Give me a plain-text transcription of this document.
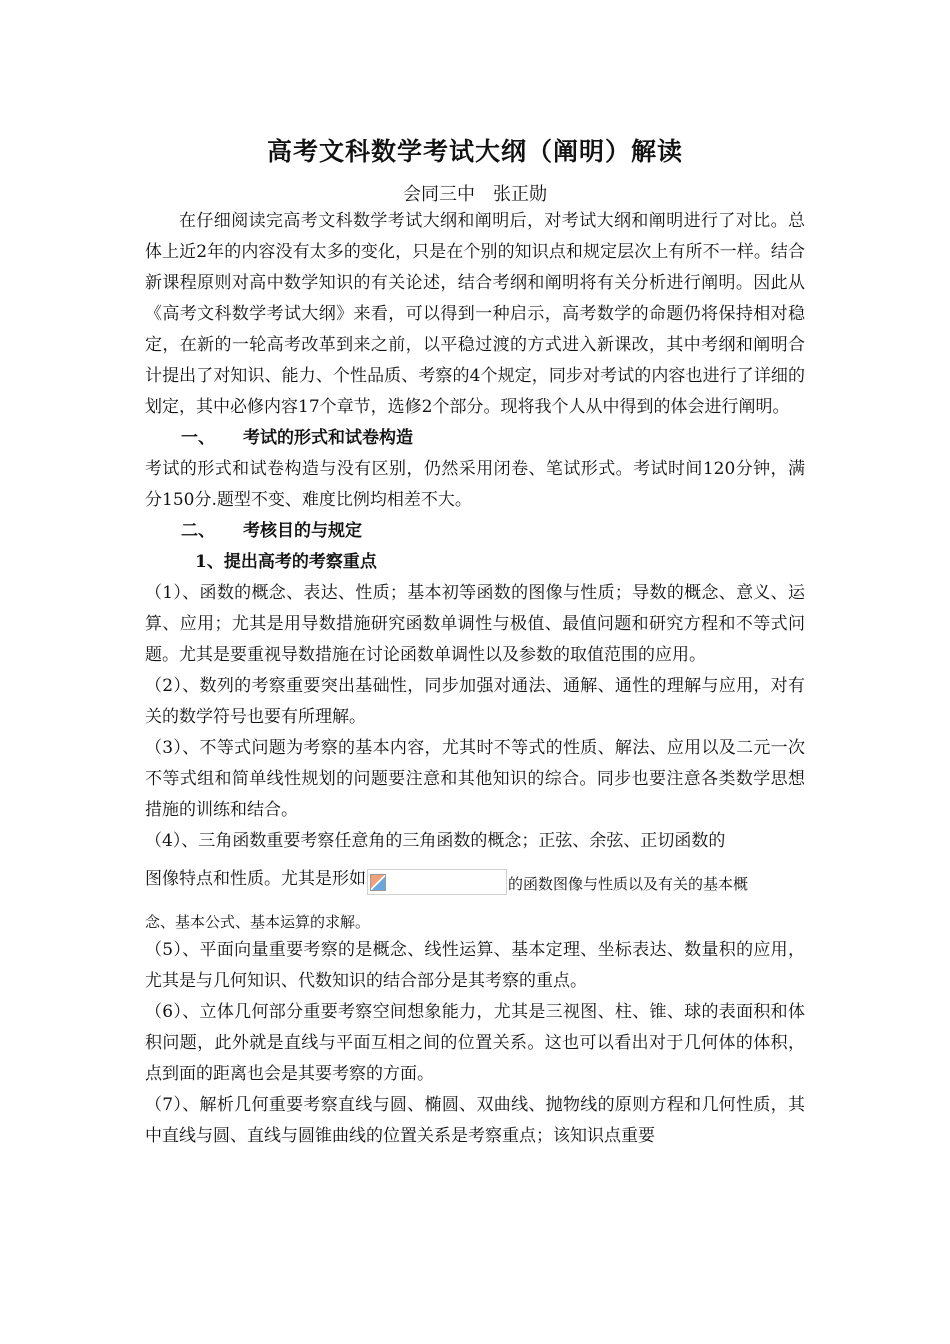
高考文科数学考试大纲（阐明）解读
会同三中　张正勋

在仔细阅读完高考文科数学考试大纲和阐明后，对考试大纲和阐明进行了对比。总体上近2年的内容没有太多的变化，只是在个别的知识点和规定层次上有所不一样。结合新课程原则对高中数学知识的有关论述，结合考纲和阐明将有关分析进行阐明。因此从《高考文科数学考试大纲》来看，可以得到一种启示，高考数学的命题仍将保持相对稳定，在新的一轮高考改革到来之前，以平稳过渡的方式进入新课改，其中考纲和阐明合计提出了对知识、能力、个性品质、考察的4个规定，同步对考试的内容也进行了详细的划定，其中必修内容17个章节，选修2个部分。现将我个人从中得到的体会进行阐明。

一、 考试的形式和试卷构造

考试的形式和试卷构造与没有区别，仍然采用闭卷、笔试形式。考试时间120分钟，满分150分.题型不变、难度比例均相差不大。

二、 考核目的与规定

1、提出高考的考察重点

（1）、函数的概念、表达、性质；基本初等函数的图像与性质；导数的概念、意义、运算、应用；尤其是用导数措施研究函数单调性与极值、最值问题和研究方程和不等式问题。尤其是要重视导数措施在讨论函数单调性以及参数的取值范围的应用。

（2）、数列的考察重要突出基础性，同步加强对通法、通解、通性的理解与应用，对有关的数学符号也要有所理解。

（3）、不等式问题为考察的基本内容，尤其时不等式的性质、解法、应用以及二元一次不等式组和简单线性规划的问题要注意和其他知识的综合。同步也要注意各类数学思想措施的训练和结合。

（4）、三角函数重要考察任意角的三角函数的概念；正弦、余弦、正切函数的

图像特点和性质。尤其是形如	的函数图像与性质以及有关的基本概

念、基本公式、基本运算的求解。

（5）、平面向量重要考察的是概念、线性运算、基本定理、坐标表达、数量积的应用，尤其是与几何知识、代数知识的结合部分是其考察的重点。

（6）、立体几何部分重要考察空间想象能力，尤其是三视图、柱、锥、球的表面积和体积问题，此外就是直线与平面互相之间的位置关系。这也可以看出对于几何体的体积，点到面的距离也会是其要考察的方面。

（7）、解析几何重要考察直线与圆、椭圆、双曲线、抛物线的原则方程和几何性质，其中直线与圆、直线与圆锥曲线的位置关系是考察重点；该知识点重要
